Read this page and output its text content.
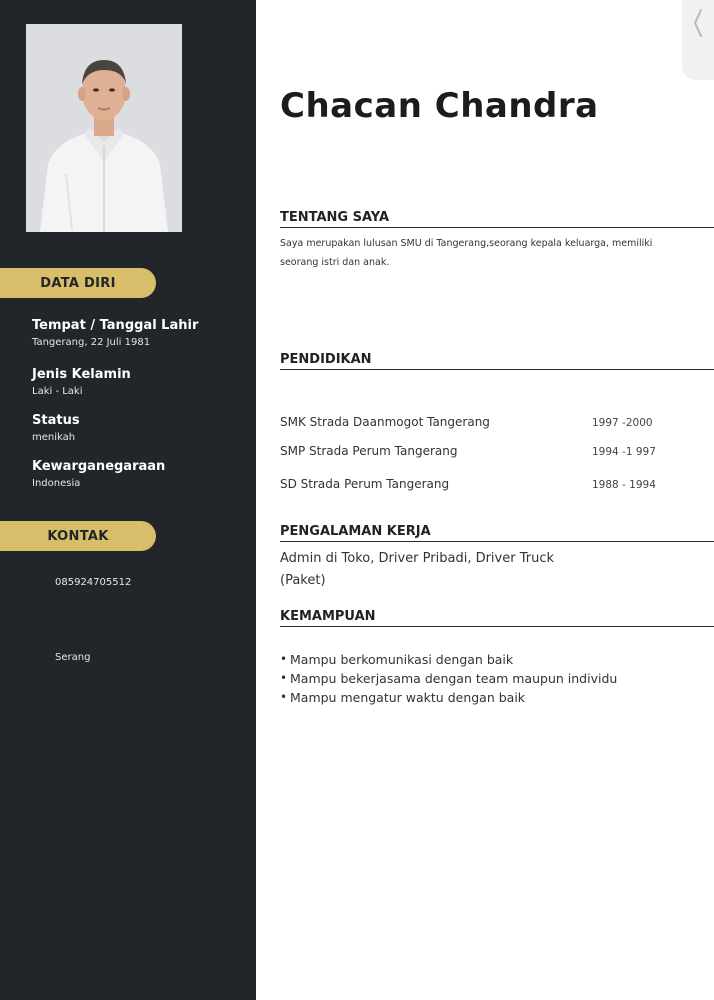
DATA DIRI
Tempat / Tanggal Lahir
Tangerang, 22 Juli 1981
Jenis Kelamin
Laki - Laki
Status
menikah
Kewarganegaraan
Indonesia
KONTAK
085924705512
Serang
Chacan Chandra
TENTANG SAYA
Saya merupakan lulusan SMU di Tangerang,seorang kepala keluarga, memiliki seorang istri dan anak.
PENDIDIKAN
SMK Strada Daanmogot Tangerang	1997 -2000
SMP Strada Perum Tangerang	1994 -1 997
SD Strada Perum Tangerang	1988 - 1994
PENGALAMAN KERJA
Admin di Toko, Driver Pribadi, Driver Truck (Paket)
KEMAMPUAN
• Mampu berkomunikasi dengan baik
• Mampu bekerjasama dengan team maupun individu
• Mampu mengatur waktu dengan baik
